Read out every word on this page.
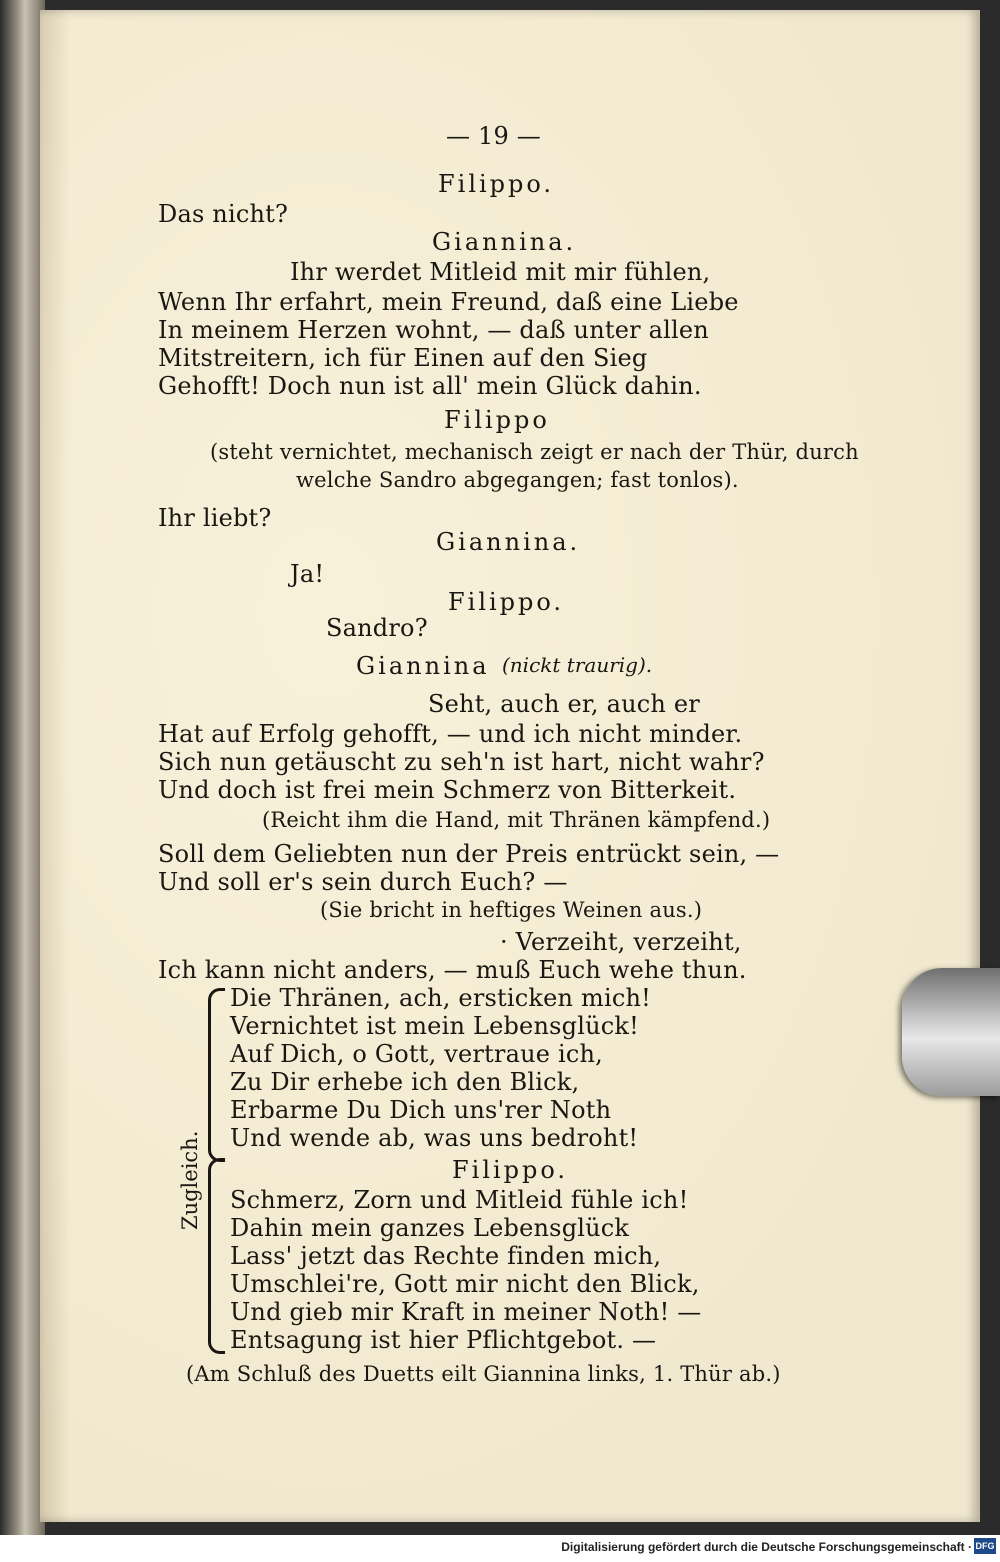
— 19 —
Filippo.
Das nicht?
Giannina.
Ihr werdet Mitleid mit mir fühlen,
Wenn Ihr erfahrt, mein Freund, daß eine Liebe
In meinem Herzen wohnt, — daß unter allen
Mitstreitern, ich für Einen auf den Sieg
Gehofft! Doch nun ist all' mein Glück dahin.
Filippo
(steht vernichtet, mechanisch zeigt er nach der Thür, durch
welche Sandro abgegangen; fast tonlos).
Ihr liebt?
Giannina.
Ja!
Filippo.
Sandro?
Giannina (nickt traurig).
Seht, auch er, auch er
Hat auf Erfolg gehofft, — und ich nicht minder.
Sich nun getäuscht zu seh'n ist hart, nicht wahr?
Und doch ist frei mein Schmerz von Bitterkeit.
(Reicht ihm die Hand, mit Thränen kämpfend.)
Soll dem Geliebten nun der Preis entrückt sein, —
Und soll er's sein durch Euch? —
(Sie bricht in heftiges Weinen aus.)
· Verzeiht, verzeiht,
Ich kann nicht anders, — muß Euch wehe thun.
Die Thränen, ach, ersticken mich!
Vernichtet ist mein Lebensglück!
Auf Dich, o Gott, vertraue ich,
Zu Dir erhebe ich den Blick,
Erbarme Du Dich uns'rer Noth
Und wende ab, was uns bedroht!
Filippo.
Schmerz, Zorn und Mitleid fühle ich!
Dahin mein ganzes Lebensglück
Lass' jetzt das Rechte finden mich,
Umschlei're, Gott mir nicht den Blick,
Und gieb mir Kraft in meiner Noth! —
Entsagung ist hier Pflichtgebot. —
(Am Schluß des Duetts eilt Giannina links, 1. Thür ab.)
Zugleich.
Digitalisierung gefördert durch die Deutsche Forschungsgemeinschaft · DFG
